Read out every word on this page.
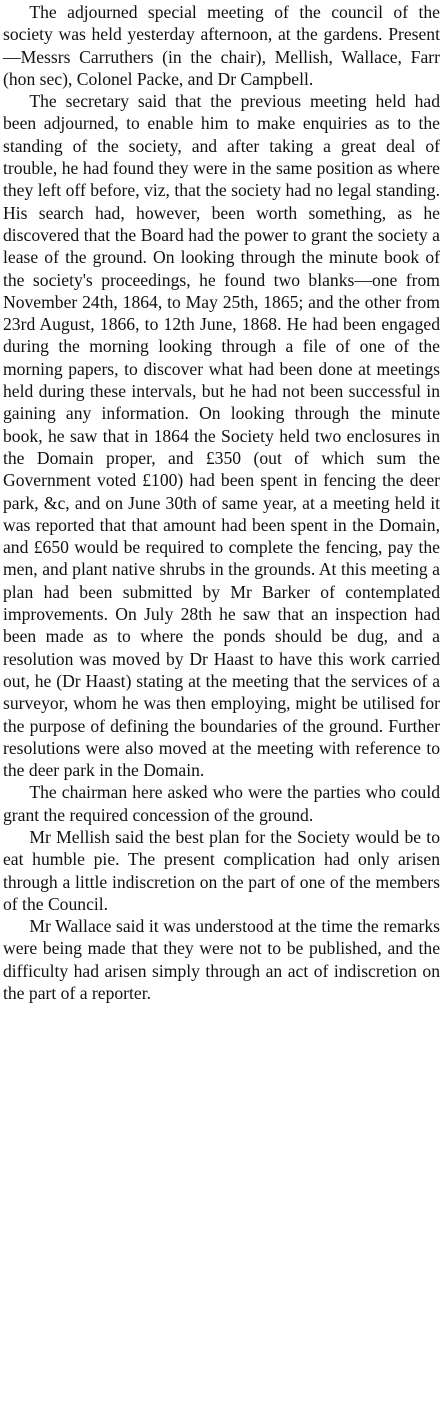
The adjourned special meeting of the council of the society was held yesterday afternoon, at the gardens. Present—Messrs Carruthers (in the chair), Mellish, Wallace, Farr (hon sec), Colonel Packe, and Dr Campbell.

The secretary said that the previous meeting held had been adjourned, to enable him to make enquiries as to the standing of the society, and after taking a great deal of trouble, he had found they were in the same position as where they left off before, viz, that the society had no legal standing. His search had, however, been worth something, as he discovered that the Board had the power to grant the society a lease of the ground. On looking through the minute book of the society's proceedings, he found two blanks—one from November 24th, 1864, to May 25th, 1865; and the other from 23rd August, 1866, to 12th June, 1868. He had been engaged during the morning looking through a file of one of the morning papers, to discover what had been done at meetings held during these intervals, but he had not been successful in gaining any information. On looking through the minute book, he saw that in 1864 the Society held two enclosures in the Domain proper, and £350 (out of which sum the Government voted £100) had been spent in fencing the deer park, &c, and on June 30th of same year, at a meeting held it was reported that that amount had been spent in the Domain, and £650 would be required to complete the fencing, pay the men, and plant native shrubs in the grounds. At this meeting a plan had been submitted by Mr Barker of contemplated improvements. On July 28th he saw that an inspection had been made as to where the ponds should be dug, and a resolution was moved by Dr Haast to have this work carried out, he (Dr Haast) stating at the meeting that the services of a surveyor, whom he was then employing, might be utilised for the purpose of defining the boundaries of the ground. Further resolutions were also moved at the meeting with reference to the deer park in the Domain.

The chairman here asked who were the parties who could grant the required concession of the ground.

Mr Mellish said the best plan for the Society would be to eat humble pie. The present complication had only arisen through a little indiscretion on the part of one of the members of the Council.

Mr Wallace said it was understood at the time the remarks were being made that they were not to be published, and the difficulty had arisen simply through an act of indiscretion on the part of a reporter.
